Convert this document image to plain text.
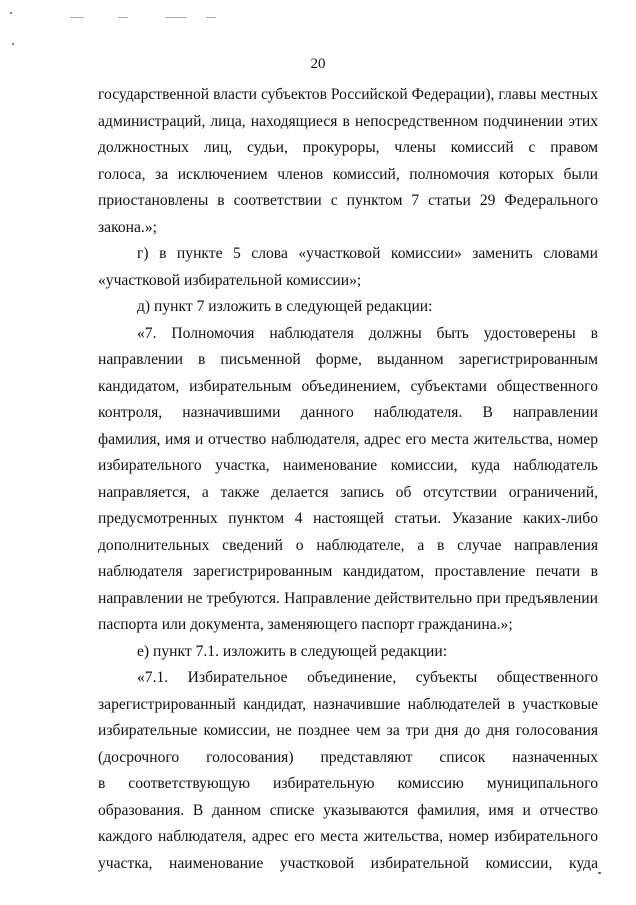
20
государственной власти субъектов Российской Федерации), главы местных
администраций, лица, находящиеся в непосредственном подчинении этих
должностных лиц, судьи, прокуроры, члены комиссий с правом
голоса, за исключением членов комиссий, полномочия которых были
приостановлены в соответствии с пунктом 7 статьи 29 Федерального
закона.»;
г) в пункте 5 слова «участковой комиссии» заменить словами
«участковой избирательной комиссии»;
д) пункт 7 изложить в следующей редакции:
«7. Полномочия наблюдателя должны быть удостоверены в
направлении в письменной форме, выданном зарегистрированным
кандидатом, избирательным объединением, субъектами общественного
контроля, назначившими данного наблюдателя. В направлении
фамилия, имя и отчество наблюдателя, адрес его места жительства, номер
избирательного участка, наименование комиссии, куда наблюдатель
направляется, а также делается запись об отсутствии ограничений,
предусмотренных пунктом 4 настоящей статьи. Указание каких-либо
дополнительных сведений о наблюдателе, а в случае направления
наблюдателя зарегистрированным кандидатом, проставление печати в
направлении не требуются. Направление действительно при предъявлении
паспорта или документа, заменяющего паспорт гражданина.»;
е) пункт 7.1. изложить в следующей редакции:
«7.1. Избирательное объединение, субъекты общественного
зарегистрированный кандидат, назначившие наблюдателей в участковые
избирательные комиссии, не позднее чем за три дня до дня голосования
(досрочного голосования) представляют список назначенных
в соответствующую избирательную комиссию муниципального
образования. В данном списке указываются фамилия, имя и отчество
каждого наблюдателя, адрес его места жительства, номер избирательного
участка, наименование участковой избирательной комиссии, куда
